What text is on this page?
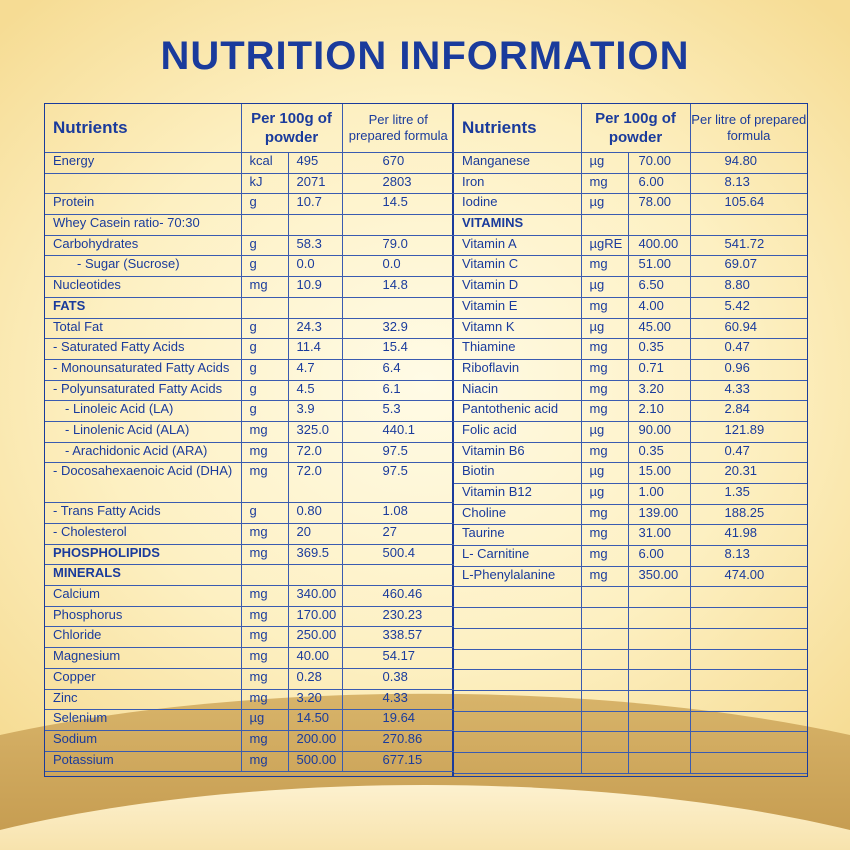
NUTRITION INFORMATION
Nutrients	Per 100g of powder		Per litre of prepared formula
Energy	kcal	495	670
	kJ	2071	2803
Protein	g	10.7	14.5
Whey Casein ratio- 70:30			
Carbohydrates	g	58.3	79.0
- Sugar (Sucrose)	g	0.0	0.0
Nucleotides	mg	10.9	14.8
FATS			
Total Fat	g	24.3	32.9
- Saturated Fatty Acids	g	11.4	15.4
- Monounsaturated Fatty Acids	g	4.7	6.4
- Polyunsaturated Fatty Acids	g	4.5	6.1
- Linoleic Acid (LA)	g	3.9	5.3
- Linolenic Acid (ALA)	mg	325.0	440.1
- Arachidonic Acid (ARA)	mg	72.0	97.5
- Docosahexaenoic Acid (DHA)	mg	72.0	97.5
- Trans Fatty Acids	g	0.80	1.08
- Cholesterol	mg	20	27
PHOSPHOLIPIDS	mg	369.5	500.4
MINERALS			
Calcium	mg	340.00	460.46
Phosphorus	mg	170.00	230.23
Chloride	mg	250.00	338.57
Magnesium	mg	40.00	54.17
Copper	mg	0.28	0.38
Zinc	mg	3.20	4.33
Selenium	µg	14.50	19.64
Sodium	mg	200.00	270.86
Potassium	mg	500.00	677.15
Nutrients	Per 100g of powder		Per litre of prepared formula
Manganese	µg	70.00	94.80
Iron	mg	6.00	8.13
Iodine	µg	78.00	105.64
VITAMINS			
Vitamin A	µgRE	400.00	541.72
Vitamin C	mg	51.00	69.07
Vitamin D	µg	6.50	8.80
Vitamin E	mg	4.00	5.42
Vitamn K	µg	45.00	60.94
Thiamine	mg	0.35	0.47
Riboflavin	mg	0.71	0.96
Niacin	mg	3.20	4.33
Pantothenic acid	mg	2.10	2.84
Folic acid	µg	90.00	121.89
Vitamin B6	mg	0.35	0.47
Biotin	µg	15.00	20.31
Vitamin B12	µg	1.00	1.35
Choline	mg	139.00	188.25
Taurine	mg	31.00	41.98
L- Carnitine	mg	6.00	8.13
L-Phenylalanine	mg	350.00	474.00
